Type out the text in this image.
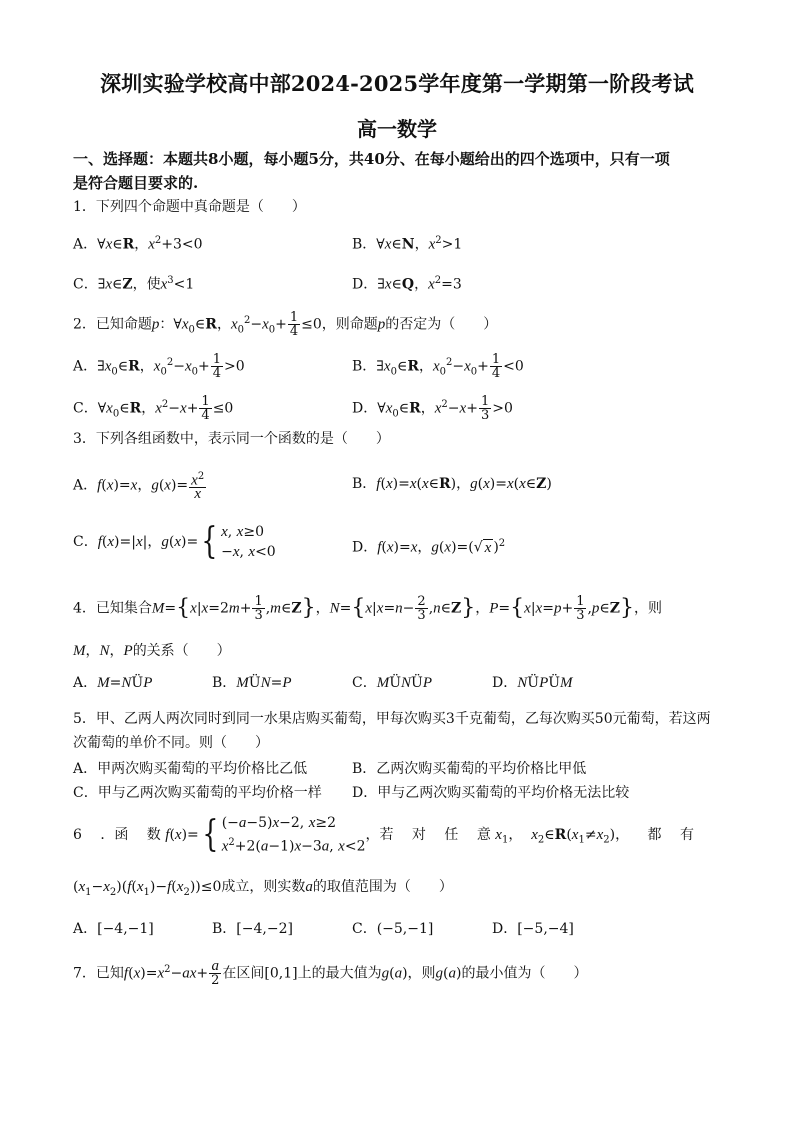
深圳实验学校高中部2024-2025学年度第一学期第一阶段考试
高一数学
一、选择题：本题共8小题，每小题5分，共40分、在每小题给出的四个选项中，只有一项
是符合题目要求的.
1．下列四个命题中真命题是（　　）
A．∀x∈R，$x^2+3<0$	B．∀x∈N，$x^2>1$
C．∃x∈Z，使$x^3<1$	D．∃x∈Q，$x^2=3$
2．已知命题p：$\forall x_0\in R$，$x_0^2-x_0+ \frac{1}{4} \le 0$，则命题p的否定为（　　）
A．$\exists x_0\in R$，$x_0^2-x_0+ \frac{1}{4} >0$	B．$\exists x_0\in R$，$x_0^2-x_0+ \frac{1}{4} <0$
C．$\forall x_0\in R$，$x^2-x+ \frac{1}{4} \le 0$	D．$\forall x_0\in R$，$x^2-x+ \frac{1}{3} >0$
3．下列各组函数中，表示同一个函数的是（　　）
A．f(x)=x，$g(x)= \frac{x^2}{x}$	B．f(x)=x(x∈R)，g(x)=x(x∈Z)
C．f(x)=|x|，g(x)={ x, x≥0
−x, x<0	D．f(x)=x，g(x)=(√ x )$^2$
4．已知集合$M=\{x|x=2m+ \frac{1}{3}$ ,m∈Z}，$N=\{x|x=n- \frac{2}{3}$ ,n∈Z}，$P=\{x|x=p+ \frac{1}{3}$ ,p∈Z}，则
M，N，P的关系（　　）
A．M=NÜP	B．MÜN=P	C．MÜNÜP	D．NÜPÜM
5．甲、乙两人两次同时到同一水果店购买葡萄，甲每次购买3千克葡萄，乙每次购买50元葡萄，若这两
次葡萄的单价不同。则（　　）
A．甲两次购买葡萄的平均价格比乙低	B．乙两次购买葡萄的平均价格比甲低
C．甲与乙两次购买葡萄的平均价格一样 D．甲与乙两次购买葡萄的平均价格无法比较
6 ．函 数 f(x)={ (−a−5)x−2, x≥2
$x^2+2(a-1)x-3a$, x<2，若 对 任 意 $x_1$，  $x_2\in R(x_1\ne x_2)$， 都 有
$(x_1-x_2)(f(x_1)-f(x_2))\le 0$成立，则实数a的取值范围为（　　）
A．[−4,−1]	B．[−4,−2]	C．(−5,−1]	D．[−5,−4]
7．已知$f(x)=x^2-ax+ \frac{a}{2}$ 在区间[0,1]上的最大值为g(a)，则g(a)的最小值为（　　）
